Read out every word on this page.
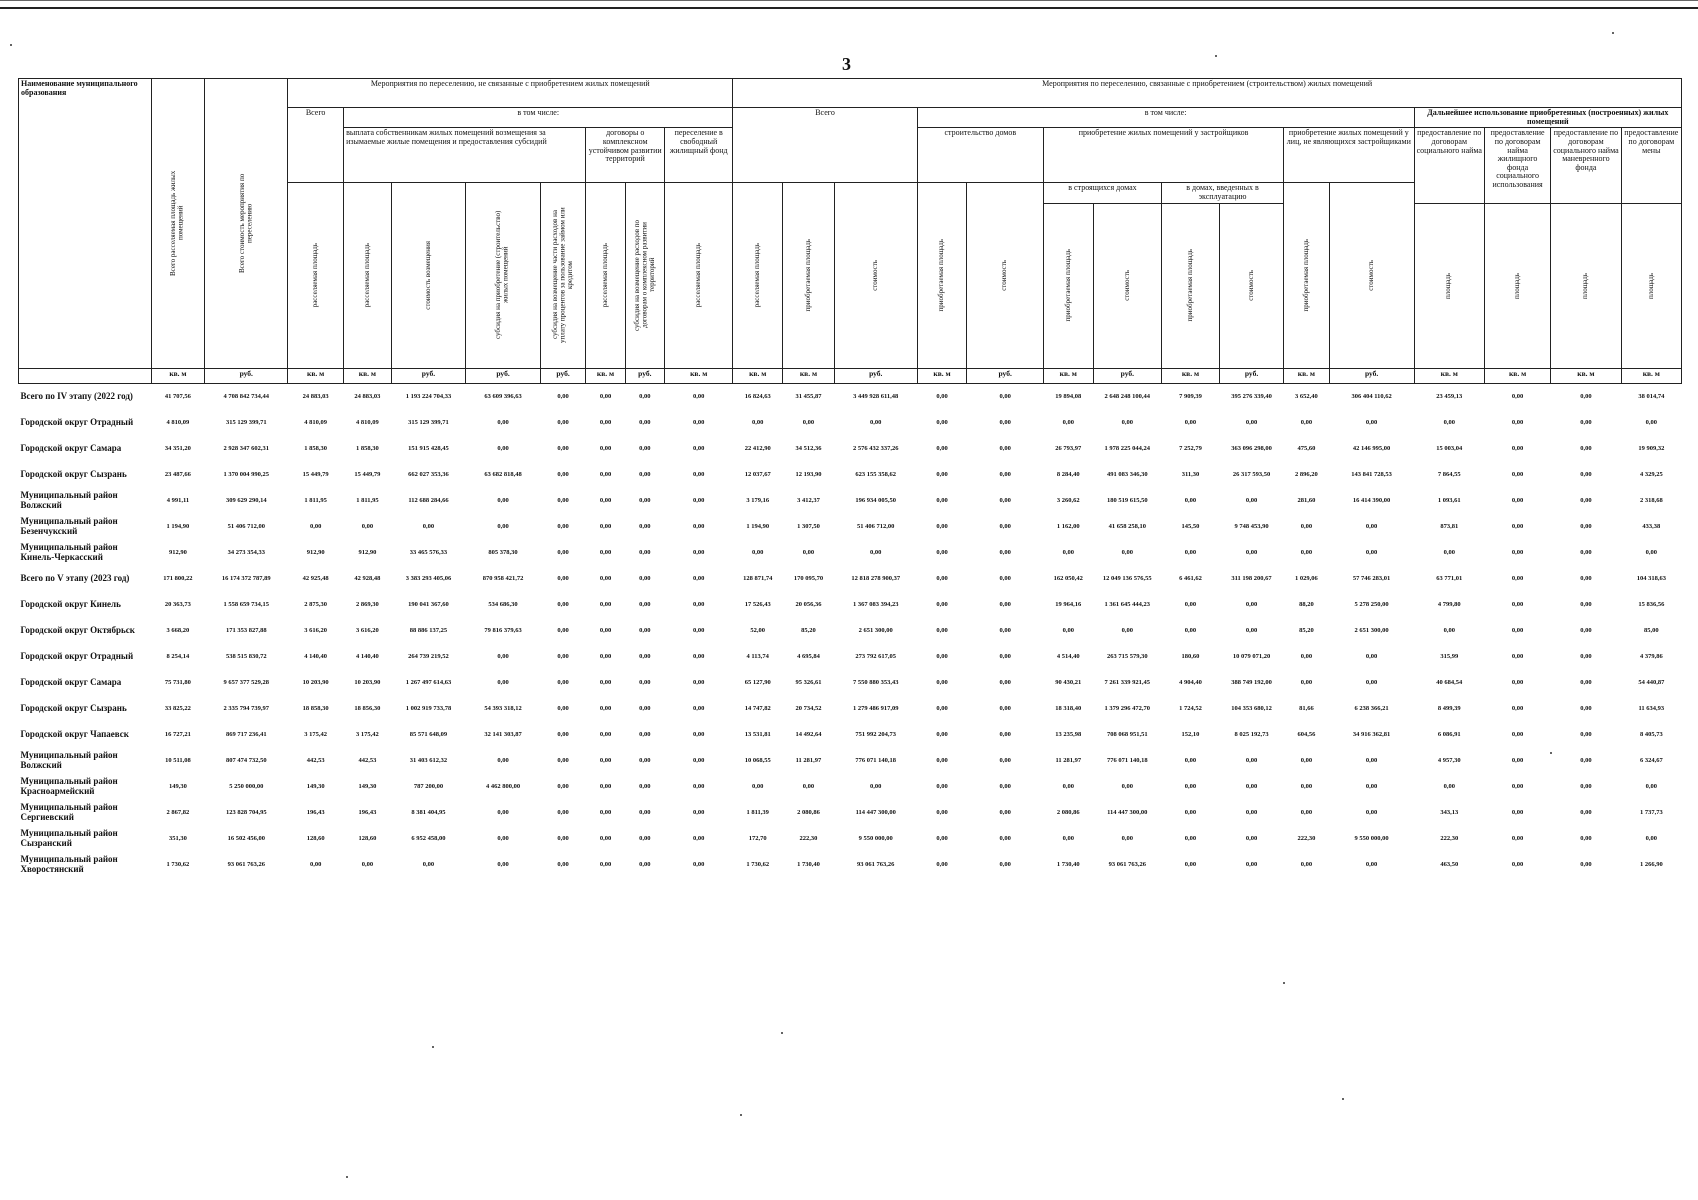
3
Наименование муниципального образования	Всего расселяемая площадь жилых помещений	Всего стоимость мероприятия по переселению	Мероприятия по переселению, не связанные с приобретением жилых помещений								Мероприятия по переселению, связанные с приобретением (строительством) жилых помещений														
			Всего	в том числе:							Всего			в том числе:								Дальнейшее использование приобретенных (построенных) жилых помещений			
				выплата собственникам жилых помещений возмещения за изымаемые жилые помещения и предоставления субсидий				договоры о комплексном устойчивом развитии территорий		переселение в свободный жилищный фонд				строительство домов		приобретение жилых помещений у застройщиков				приобретение жилых помещений у лиц, не являющихся застройщиками		предоставление по договорам социального найма	предоставление по договорам найма жилищного фонда социального использования	предоставление по договорам социального найма маневренного фонда	предоставление по договорам мены

			расселяемая площадь	расселяемая площадь	стоимость возмещения	субсидия на приобретение (строительство) жилых помещений	субсидия на возмещение части расходов на уплату процентов за пользование займом или кредитом	расселяемая площадь	субсидия на возмещение расходов по договорам о комплексном развитии территорий	расселяемая площадь	расселяемая площадь	приобретаемая площадь	стоимость	приобретаемая площадь	стоимость	в строящихся домах		в домах, введенных в эксплуатацию		приобретаемая площадь	стоимость				

																приобретаемая площадь	стоимость	приобретаемая площадь	стоимость			площадь	площадь	площадь	площадь

	кв. м	руб.	кв. м	кв. м	руб.	руб.	руб.	кв. м	руб.	кв. м	кв. м	кв. м	руб.	кв. м	руб.	кв. м	руб.	кв. м	руб.	кв. м	руб.	кв. м	кв. м	кв. м	кв. м
Всего по IV этапу (2022 год)	41 707,56	4 708 842 734,44	24 883,03	24 883,03	1 193 224 704,33	63 609 396,63	0,00	0,00	0,00	0,00	16 824,63	31 455,87	3 449 928 611,48	0,00	0,00	19 894,08	2 648 248 100,44	7 909,39	395 276 339,40	3 652,40	306 404 110,62	23 459,13	0,00	0,00	38 014,74
Городской округ Отрадный	4 810,09	315 129 399,71	4 810,09	4 810,09	315 129 399,71	0,00	0,00	0,00	0,00	0,00	0,00	0,00	0,00	0,00	0,00	0,00	0,00	0,00	0,00	0,00	0,00	0,00	0,00	0,00	0,00
Городской округ Самара	34 351,20	2 928 347 602,31	1 858,30	1 858,30	151 915 428,45	0,00	0,00	0,00	0,00	0,00	22 412,90	34 512,36	2 576 432 337,26	0,00	0,00	26 793,97	1 978 225 044,24	7 252,79	363 096 298,00	475,60	42 146 995,00	15 003,04	0,00	0,00	19 909,32
Городской округ Сызрань	23 487,66	1 370 004 990,25	15 449,79	15 449,79	662 027 353,36	63 682 818,48	0,00	0,00	0,00	0,00	12 037,67	12 193,90	623 155 358,62	0,00	0,00	8 284,40	491 083 346,30	311,30	26 317 593,50	2 896,20	143 841 728,53	7 864,55	0,00	0,00	4 329,25
Муниципальный район Волжский	4 991,11	309 629 290,14	1 811,95	1 811,95	112 688 284,66	0,00	0,00	0,00	0,00	0,00	3 179,16	3 412,37	196 934 005,50	0,00	0,00	3 260,62	180 519 615,50	0,00	0,00	281,60	16 414 390,00	1 093,61	0,00	0,00	2 318,68
Муниципальный район Безенчукский	1 194,90	51 406 712,00	0,00	0,00	0,00	0,00	0,00	0,00	0,00	0,00	1 194,90	1 307,50	51 406 712,00	0,00	0,00	1 162,00	41 658 258,10	145,50	9 748 453,90	0,00	0,00	873,81	0,00	0,00	433,38
Муниципальный район Кинель-Черкасский	912,90	34 273 354,33	912,90	912,90	33 465 576,33	805 378,30	0,00	0,00	0,00	0,00	0,00	0,00	0,00	0,00	0,00	0,00	0,00	0,00	0,00	0,00	0,00	0,00	0,00	0,00	0,00
Всего по V этапу (2023 год)	171 800,22	16 174 372 787,89	42 925,48	42 928,48	3 383 293 405,06	870 958 421,72	0,00	0,00	0,00	0,00	128 871,74	170 095,70	12 818 278 900,37	0,00	0,00	162 050,42	12 049 136 576,55	6 461,62	311 198 200,67	1 029,06	57 746 283,01	63 771,01	0,00	0,00	104 318,63
Городской округ Кинель	20 363,73	1 558 659 734,15	2 875,30	2 869,30	190 041 367,60	534 686,30	0,00	0,00	0,00	0,00	17 526,43	20 056,36	1 367 083 394,23	0,00	0,00	19 964,16	1 361 645 444,23	0,00	0,00	88,20	5 278 250,00	4 799,80	0,00	0,00	15 836,56
Городской округ Октябрьск	3 668,20	171 353 827,88	3 616,20	3 616,20	88 886 137,25	79 816 379,63	0,00	0,00	0,00	0,00	52,00	85,20	2 651 300,00	0,00	0,00	0,00	0,00	0,00	0,00	85,20	2 651 300,00	0,00	0,00	0,00	85,00
Городской округ Отрадный	8 254,14	538 515 830,72	4 140,40	4 140,40	264 739 219,52	0,00	0,00	0,00	0,00	0,00	4 113,74	4 695,84	273 792 617,05	0,00	0,00	4 514,40	263 715 579,30	180,60	10 079 071,20	0,00	0,00	315,99	0,00	0,00	4 379,86
Городской округ Самара	75 731,80	9 657 377 529,28	10 203,90	10 203,90	1 267 497 614,63	0,00	0,00	0,00	0,00	0,00	65 127,90	95 326,61	7 550 880 353,43	0,00	0,00	90 430,21	7 261 339 921,45	4 904,40	388 749 192,00	0,00	0,00	40 684,54	0,00	0,00	54 440,87
Городской округ Сызрань	33 825,22	2 335 794 739,97	18 858,30	18 856,30	1 002 919 733,78	54 393 318,12	0,00	0,00	0,00	0,00	14 747,82	20 734,52	1 279 486 917,09	0,00	0,00	18 318,40	1 379 296 472,70	1 724,52	104 353 680,12	81,66	6 238 366,21	8 499,39	0,00	0,00	11 634,93
Городской округ Чапаевск	16 727,21	869 717 236,41	3 175,42	3 175,42	85 571 648,09	32 141 303,87	0,00	0,00	0,00	0,00	13 531,81	14 492,64	751 992 204,73	0,00	0,00	13 235,98	708 068 951,51	152,10	8 025 192,73	604,56	34 916 362,81	6 086,91	0,00	0,00	8 405,73
Муниципальный район Волжский	10 511,08	807 474 732,50	442,53	442,53	31 403 612,32	0,00	0,00	0,00	0,00	0,00	10 068,55	11 281,97	776 071 140,18	0,00	0,00	11 281,97	776 071 140,18	0,00	0,00	0,00	0,00	4 957,30	0,00	0,00	6 324,67
Муниципальный район Красноармейский	149,30	5 250 000,00	149,30	149,30	787 200,00	4 462 800,00	0,00	0,00	0,00	0,00	0,00	0,00	0,00	0,00	0,00	0,00	0,00	0,00	0,00	0,00	0,00	0,00	0,00	0,00	0,00
Муниципальный район Сергиевский	2 867,82	123 828 704,95	196,43	196,43	8 381 404,95	0,00	0,00	0,00	0,00	0,00	1 811,39	2 080,86	114 447 300,00	0,00	0,00	2 080,86	114 447 300,00	0,00	0,00	0,00	0,00	343,13	0,00	0,00	1 737,73
Муниципальный район Сызранский	351,30	16 502 456,00	128,60	128,60	6 952 458,00	0,00	0,00	0,00	0,00	0,00	172,70	222,30	9 550 000,00	0,00	0,00	0,00	0,00	0,00	0,00	222,30	9 550 000,00	222,30	0,00	0,00	0,00
Муниципальный район Хворостянский	1 730,62	93 061 763,26	0,00	0,00	0,00	0,00	0,00	0,00	0,00	0,00	1 730,62	1 730,40	93 061 763,26	0,00	0,00	1 730,40	93 061 763,26	0,00	0,00	0,00	0,00	463,50	0,00	0,00	1 266,90
